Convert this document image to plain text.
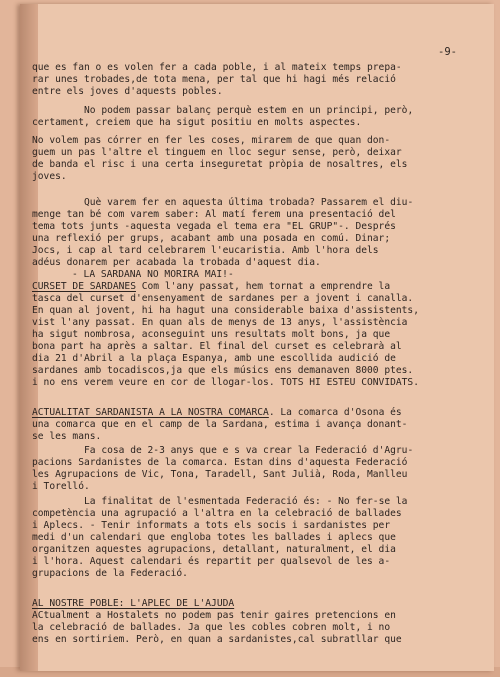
-9-
que es fan o es volen fer a cada poble, i al mateix temps prepa-
rar unes trobades,de tota mena, per tal que hi hagi més relació
entre els joves d'aquests pobles.
No podem passar balanç perquè estem en un principi, però,
certament, creiem que ha sigut positiu en molts aspectes.
No volem pas córrer en fer les coses, mirarem de que quan don-
guem un pas l'altre el tinguem en lloc segur sense, però, deixar
de banda el risc i una certa inseguretat pròpia de nosaltres, els
joves.
Què varem fer en aquesta última trobada? Passarem el diu-
menge tan bé com varem saber: Al matí ferem una presentació del
tema tots junts -aquesta vegada el tema era "EL GRUP"-. Després
una reflexió per grups, acabant amb una posada en comú. Dinar;
Jocs, i cap al tard celebrarem l'eucaristia. Amb l'hora dels
adéus donarem per acabada la trobada d'aquest dia.
- LA SARDANA NO MORIRA MAI!-
CURSET DE SARDANES Com l'any passat, hem tornat a emprendre la
tasca del curset d'ensenyament de sardanes per a jovent i canalla.
En quan al jovent, hi ha hagut una considerable baixa d'assistents,
vist l'any passat. En quan als de menys de 13 anys, l'assistència
ha sigut nombrosa, aconseguint uns resultats molt bons, ja que
bona part ha après a saltar. El final del curset es celebrarà al
dia 21 d'Abril a la plaça Espanya, amb une escollida audició de
sardanes amb tocadiscos,ja que els músics ens demanaven 8000 ptes.
i no ens verem veure en cor de llogar-los. TOTS HI ESTEU CONVIDATS.
ACTUALITAT SARDANISTA A LA NOSTRA COMARCA. La comarca d'Osona és
una comarca que en el camp de la Sardana, estima i avança donant-
se les mans.
Fa cosa de 2-3 anys que e s va crear la Federació d'Agru-
pacions Sardanistes de la comarca. Estan dins d'aquesta Federació
les Agrupacions de Vic, Tona, Taradell, Sant Julià, Roda, Manlleu
i Torelló.
La finalitat de l'esmentada Federació és: - No fer-se la
competència una agrupació a l'altra en la celebració de ballades
i Aplecs. - Tenir informats a tots els socis i sardanistes per
medi d'un calendari que engloba totes les ballades i aplecs que
organitzen aquestes agrupacions, detallant, naturalment, el dia
i l'hora. Aquest calendari és repartit per qualsevol de les a-
grupacions de la Federació.
AL NOSTRE POBLE: L'APLEC DE L'AJUDA
ACtualment a Hostalets no podem pas tenir gaires pretencions en
la celebració de ballades. Ja que les cobles cobren molt, i no
ens en sortiriem. Però, en quan a sardanistes,cal subratllar que
